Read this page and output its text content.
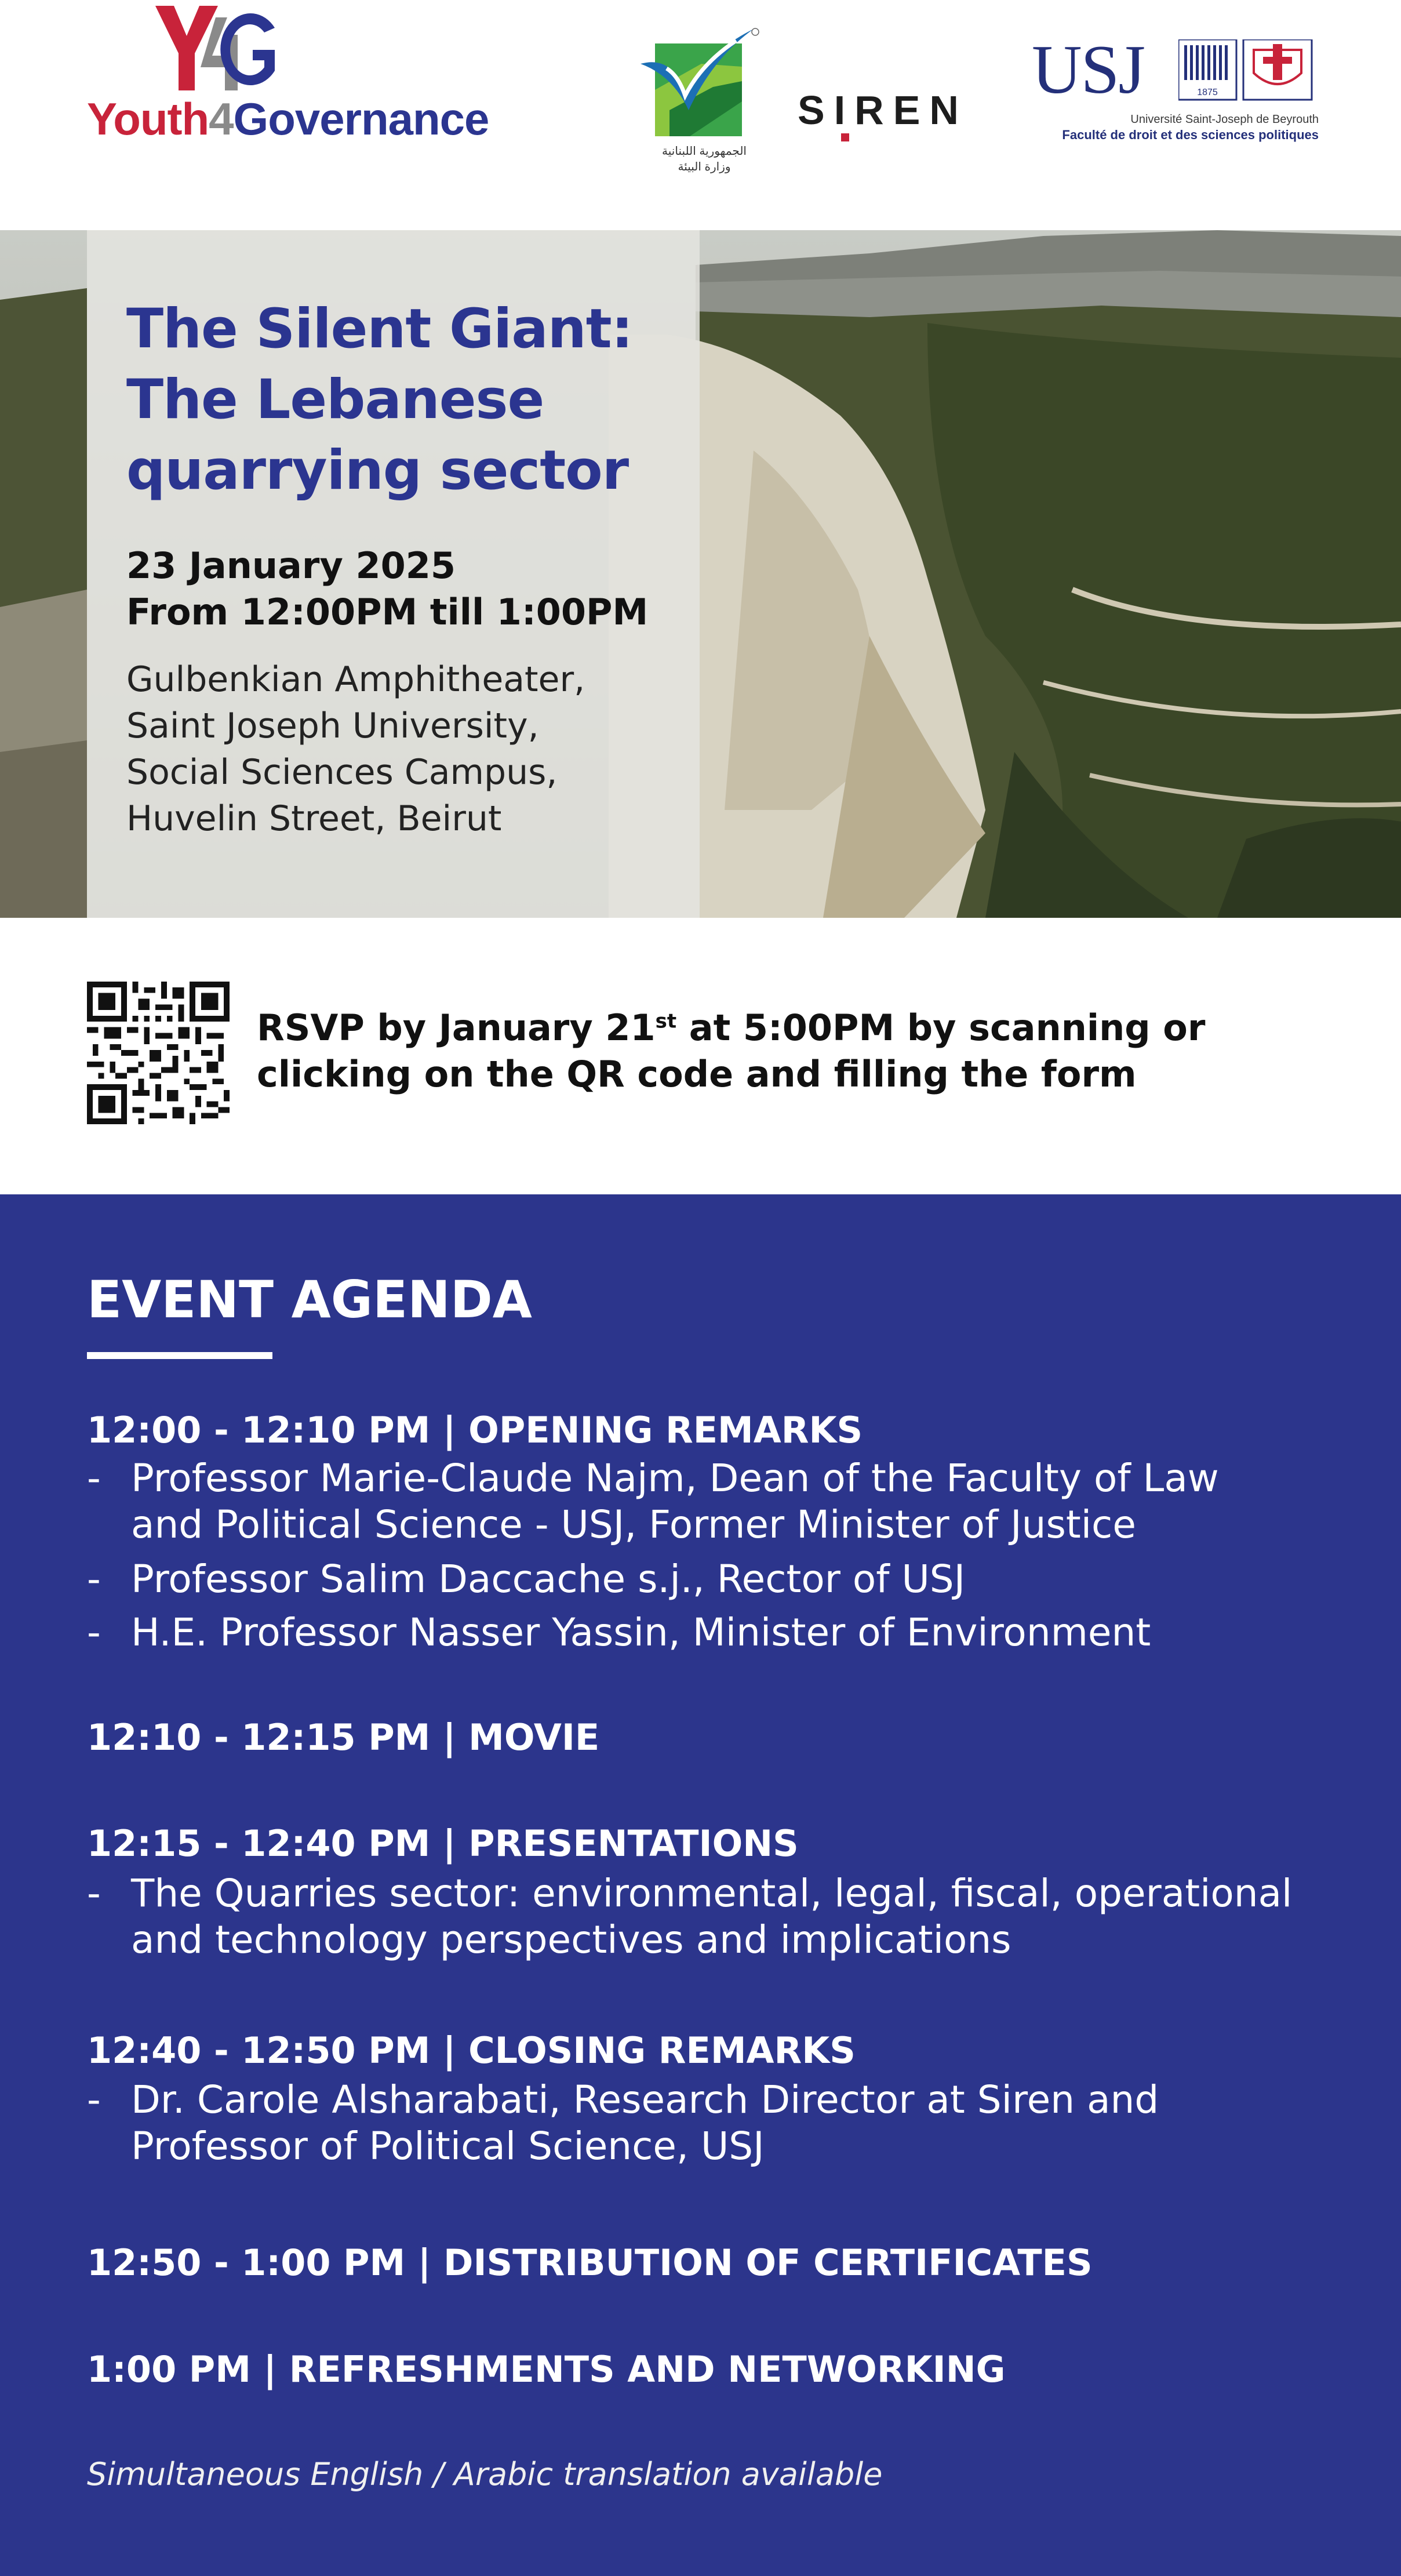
Youth4Governance
الجمهورية اللبنانية
وزارة البيئة
SIREN
USJ	1875
Université Saint-Joseph de Beyrouth
Faculté de droit et des sciences politiques
The Silent Giant: The Lebanese quarrying sector
23 January 2025
From 12:00PM till 1:00PM
Gulbenkian Amphitheater,
Saint Joseph University,
Social Sciences Campus,
Huvelin Street, Beirut
RSVP by January 21st at 5:00PM by scanning or
clicking on the QR code and filling the form
EVENT AGENDA
12:00 - 12:10 PM | OPENING REMARKS
- Professor Marie-Claude Najm, Dean of the Faculty of Law
and Political Science - USJ, Former Minister of Justice
- Professor Salim Daccache s.j., Rector of USJ
- H.E. Professor Nasser Yassin, Minister of Environment
12:10 - 12:15 PM | MOVIE
12:15 - 12:40 PM | PRESENTATIONS
- The Quarries sector: environmental, legal, fiscal, operational
and technology perspectives and implications
12:40 - 12:50 PM | CLOSING REMARKS
- Dr. Carole Alsharabati, Research Director at Siren and
Professor of Political Science, USJ
12:50 - 1:00 PM | DISTRIBUTION OF CERTIFICATES
1:00 PM | REFRESHMENTS AND NETWORKING
Simultaneous English / Arabic translation available
